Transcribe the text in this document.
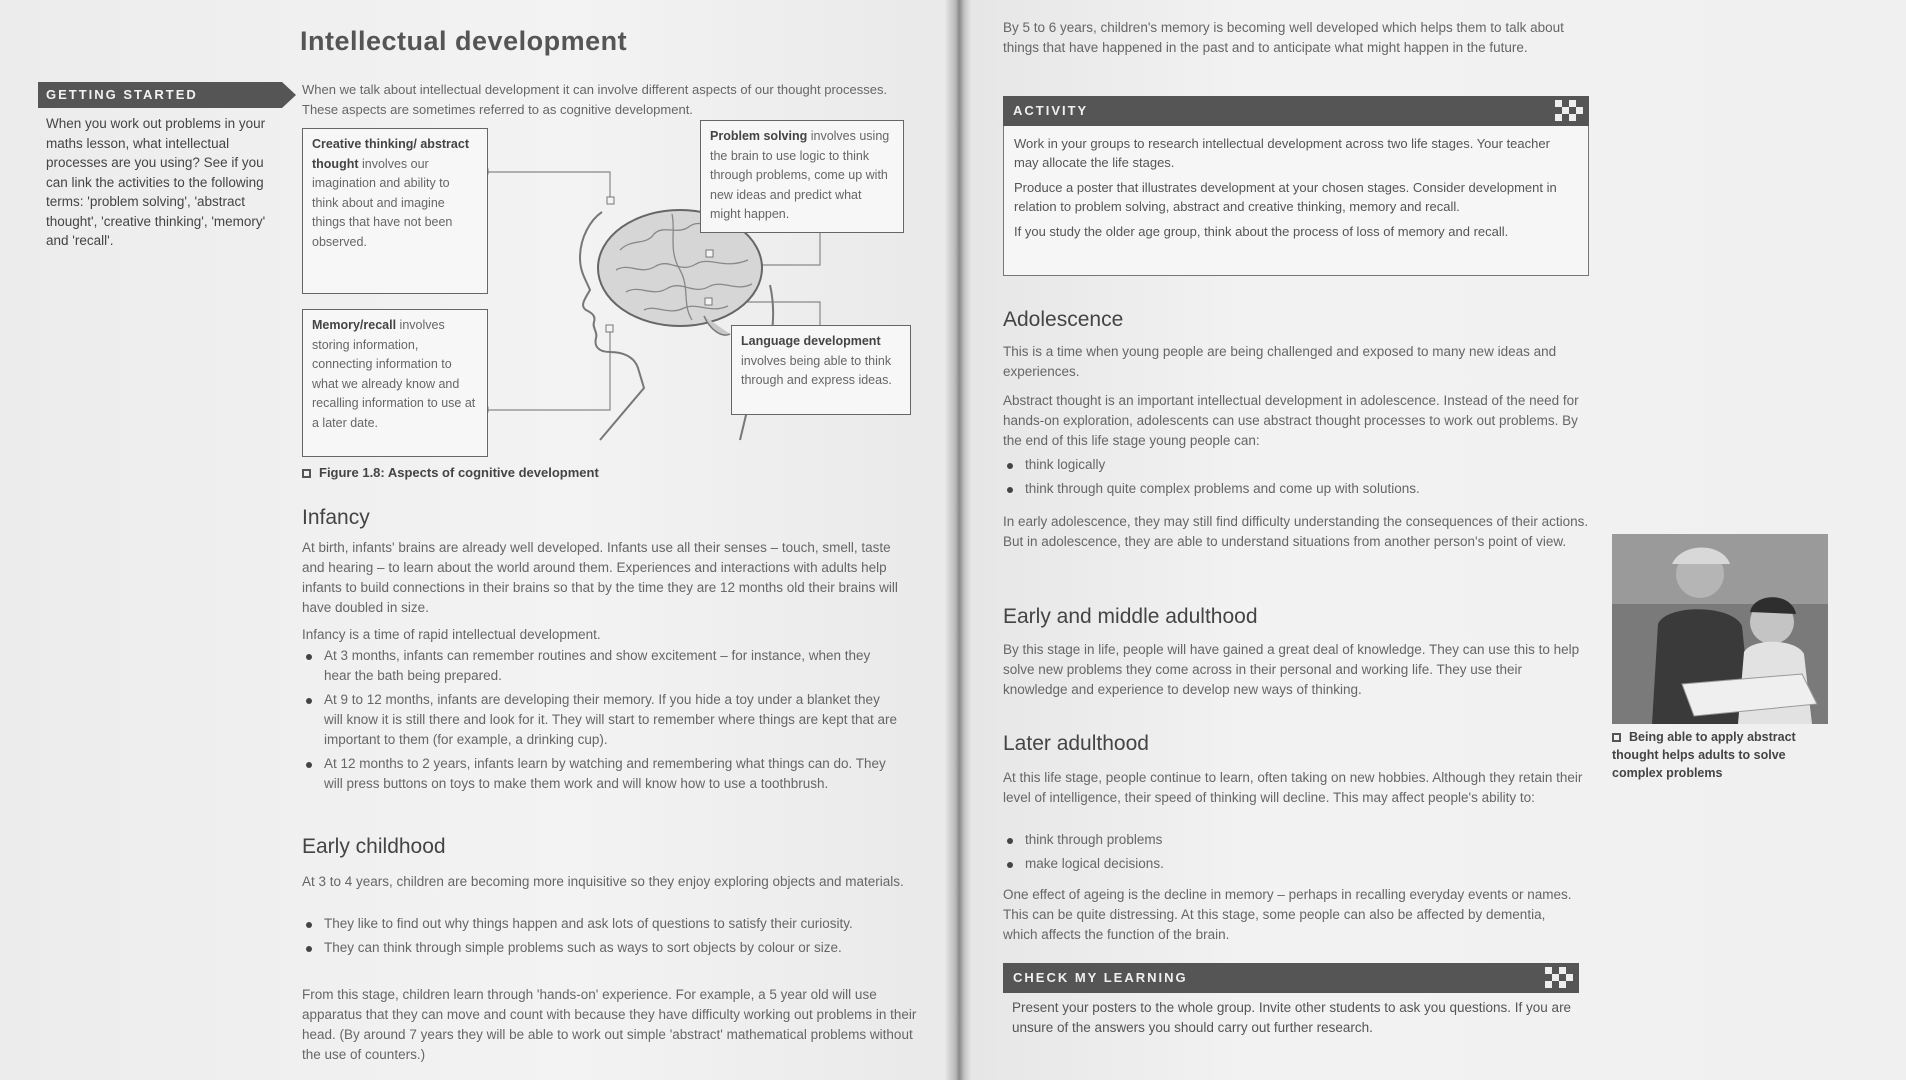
Intellectual development

When we talk about intellectual development it can involve different aspects of our thought processes. These aspects are sometimes referred to as cognitive development.

GETTING STARTED

When you work out problems in your maths lesson, what intellectual processes are you using? See if you can link the activities to the following terms: 'problem solving', 'abstract thought', 'creative thinking', 'memory' and 'recall'.

Creative thinking/ abstract thought involves our imagination and ability to think about and imagine things that have not been observed.
Memory/recall involves storing information, connecting information to what we already know and recalling information to use at a later date.
Problem solving involves using the brain to use logic to think through problems, come up with new ideas and predict what might happen.
Language development involves being able to think through and express ideas.
Figure 1.8: Aspects of cognitive development
Infancy

At birth, infants' brains are already well developed. Infants use all their senses – touch, smell, taste and hearing – to learn about the world around them. Experiences and interactions with adults help infants to build connections in their brains so that by the time they are 12 months old their brains will have doubled in size.

Infancy is a time of rapid intellectual development.

At 3 months, infants can remember routines and show excitement – for instance, when they hear the bath being prepared.
At 9 to 12 months, infants are developing their memory. If you hide a toy under a blanket they will know it is still there and look for it. They will start to remember where things are kept that are important to them (for example, a drinking cup).
At 12 months to 2 years, infants learn by watching and remembering what things can do. They will press buttons on toys to make them work and will know how to use a toothbrush.
Early childhood

At 3 to 4 years, children are becoming more inquisitive so they enjoy exploring objects and materials.

They like to find out why things happen and ask lots of questions to satisfy their curiosity.
They can think through simple problems such as ways to sort objects by colour or size.

From this stage, children learn through 'hands-on' experience. For example, a 5 year old will use apparatus that they can move and count with because they have difficulty working out problems in their head. (By around 7 years they will be able to work out simple 'abstract' mathematical problems without the use of counters.)

By 5 to 6 years, children's memory is becoming well developed which helps them to talk about things that have happened in the past and to anticipate what might happen in the future.

ACTIVITY

Work in your groups to research intellectual development across two life stages. Your teacher may allocate the life stages.

Produce a poster that illustrates development at your chosen stages. Consider development in relation to problem solving, abstract and creative thinking, memory and recall.

If you study the older age group, think about the process of loss of memory and recall.

Adolescence

This is a time when young people are being challenged and exposed to many new ideas and experiences.

Abstract thought is an important intellectual development in adolescence. Instead of the need for hands-on exploration, adolescents can use abstract thought processes to work out problems. By the end of this life stage young people can:

think logically
think through quite complex problems and come up with solutions.

In early adolescence, they may still find difficulty understanding the consequences of their actions. But in adolescence, they are able to understand situations from another person's point of view.

Early and middle adulthood

By this stage in life, people will have gained a great deal of knowledge. They can use this to help solve new problems they come across in their personal and working life. They use their knowledge and experience to develop new ways of thinking.

Later adulthood

At this life stage, people continue to learn, often taking on new hobbies. Although they retain their level of intelligence, their speed of thinking will decline. This may affect people's ability to:

think through problems
make logical decisions.

One effect of ageing is the decline in memory – perhaps in recalling everyday events or names. This can be quite distressing. At this stage, some people can also be affected by dementia, which affects the function of the brain.

CHECK MY LEARNING

Present your posters to the whole group. Invite other students to ask you questions. If you are unsure of the answers you should carry out further research.

Being able to apply abstract thought helps adults to solve complex problems
